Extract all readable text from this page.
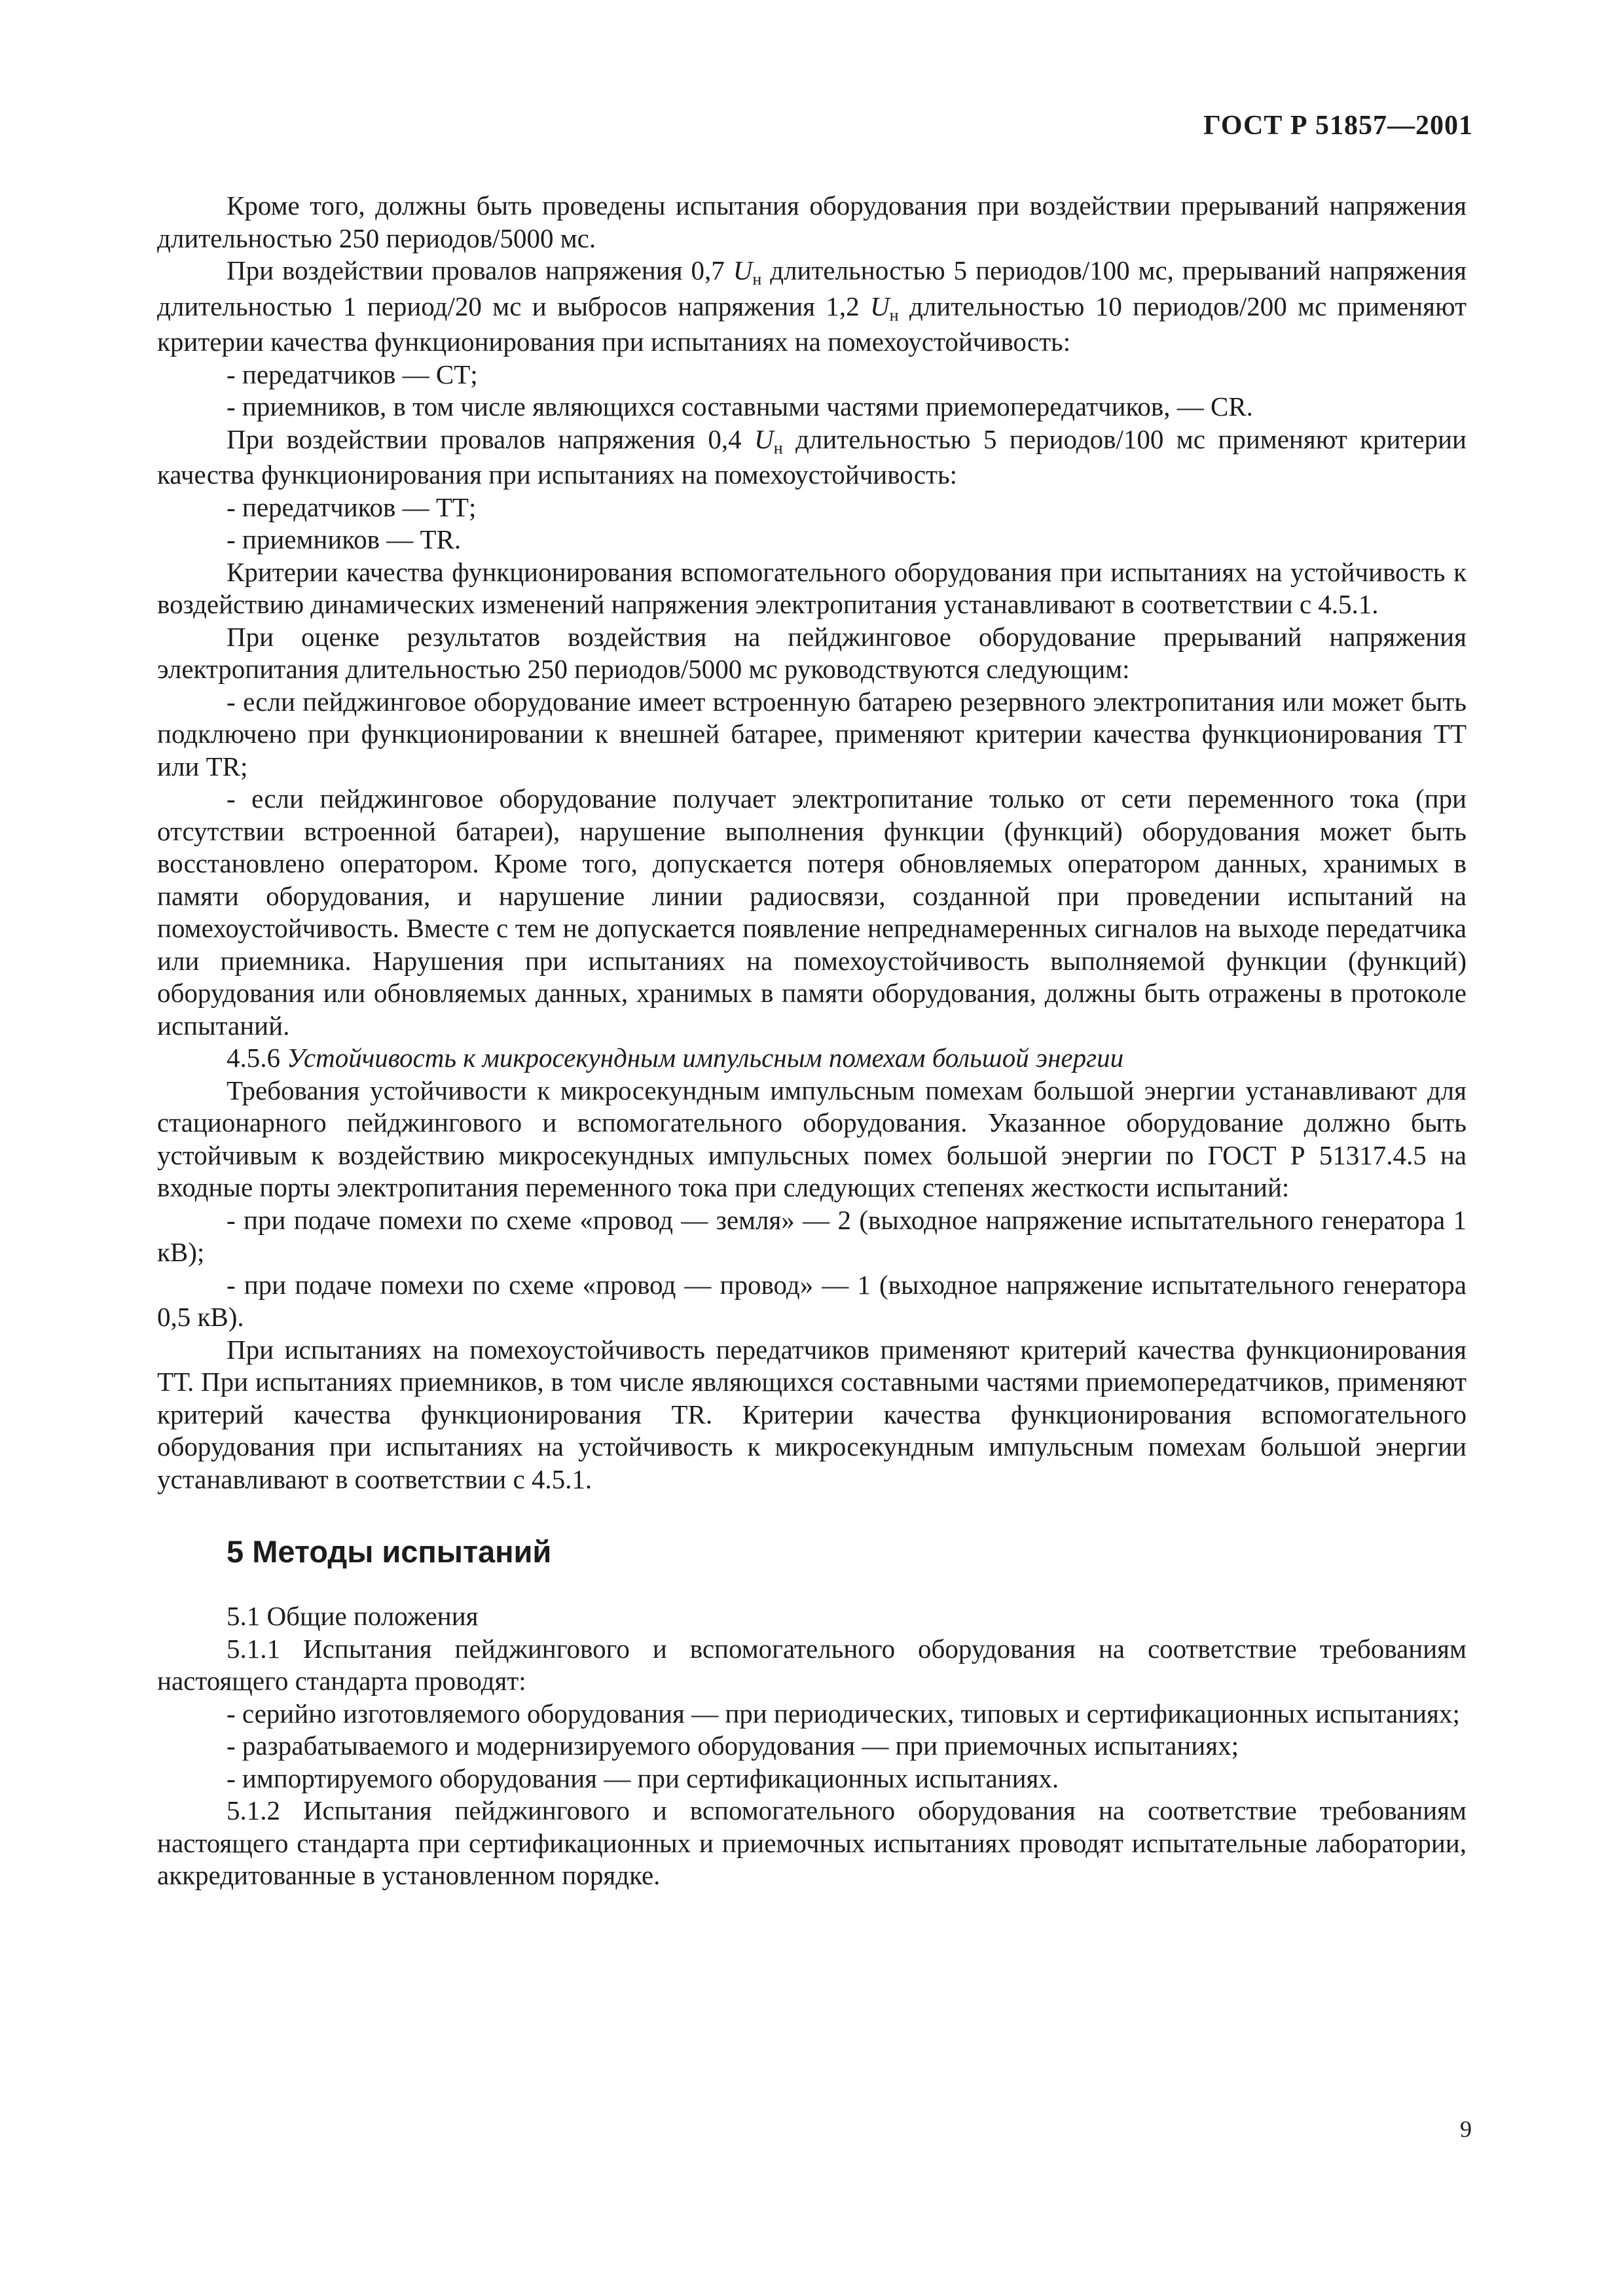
ГОСТ Р 51857—2001

Кроме того, должны быть проведены испытания оборудования при воздействии прерываний напряжения длительностью 250 периодов/5000 мс.

При воздействии провалов напряжения 0,7 Uн длительностью 5 периодов/100 мс, прерываний напряжения длительностью 1 период/20 мс и выбросов напряжения 1,2 Uн длительностью 10 периодов/200 мс применяют критерии качества функционирования при испытаниях на помехоустойчивость:

- передатчиков — СТ;

- приемников, в том числе являющихся составными частями приемопередатчиков, — CR.

При воздействии провалов напряжения 0,4 Uн длительностью 5 периодов/100 мс применяют критерии качества функционирования при испытаниях на помехоустойчивость:

- передатчиков — ТТ;

- приемников — TR.

Критерии качества функционирования вспомогательного оборудования при испытаниях на устойчивость к воздействию динамических изменений напряжения электропитания устанавливают в соответствии с 4.5.1.

При оценке результатов воздействия на пейджинговое оборудование прерываний напряжения электропитания длительностью 250 периодов/5000 мс руководствуются следующим:

- если пейджинговое оборудование имеет встроенную батарею резервного электропитания или может быть подключено при функционировании к внешней батарее, применяют критерии качества функционирования ТТ или TR;

- если пейджинговое оборудование получает электропитание только от сети переменного тока (при отсутствии встроенной батареи), нарушение выполнения функции (функций) оборудования может быть восстановлено оператором. Кроме того, допускается потеря обновляемых оператором данных, хранимых в памяти оборудования, и нарушение линии радиосвязи, созданной при проведении испытаний на помехоустойчивость. Вместе с тем не допускается появление непреднамеренных сигналов на выходе передатчика или приемника. Нарушения при испытаниях на помехоустойчивость выполняемой функции (функций) оборудования или обновляемых данных, хранимых в памяти оборудования, должны быть отражены в протоколе испытаний.

4.5.6 Устойчивость к микросекундным импульсным помехам большой энергии

Требования устойчивости к микросекундным импульсным помехам большой энергии устанавливают для стационарного пейджингового и вспомогательного оборудования. Указанное оборудование должно быть устойчивым к воздействию микросекундных импульсных помех большой энергии по ГОСТ Р 51317.4.5 на входные порты электропитания переменного тока при следующих степенях жесткости испытаний:

- при подаче помехи по схеме «провод — земля» — 2 (выходное напряжение испытательного генератора 1 кВ);

- при подаче помехи по схеме «провод — провод» — 1 (выходное напряжение испытательного генератора 0,5 кВ).

При испытаниях на помехоустойчивость передатчиков применяют критерий качества функционирования ТТ. При испытаниях приемников, в том числе являющихся составными частями приемопередатчиков, применяют критерий качества функционирования TR. Критерии качества функционирования вспомогательного оборудования при испытаниях на устойчивость к микросекундным импульсным помехам большой энергии устанавливают в соответствии с 4.5.1.

5 Методы испытаний

5.1 Общие положения

5.1.1 Испытания пейджингового и вспомогательного оборудования на соответствие требованиям настоящего стандарта проводят:

- серийно изготовляемого оборудования — при периодических, типовых и сертификационных испытаниях;

- разрабатываемого и модернизируемого оборудования — при приемочных испытаниях;

- импортируемого оборудования — при сертификационных испытаниях.

5.1.2 Испытания пейджингового и вспомогательного оборудования на соответствие требованиям настоящего стандарта при сертификационных и приемочных испытаниях проводят испытательные лаборатории, аккредитованные в установленном порядке.

9
